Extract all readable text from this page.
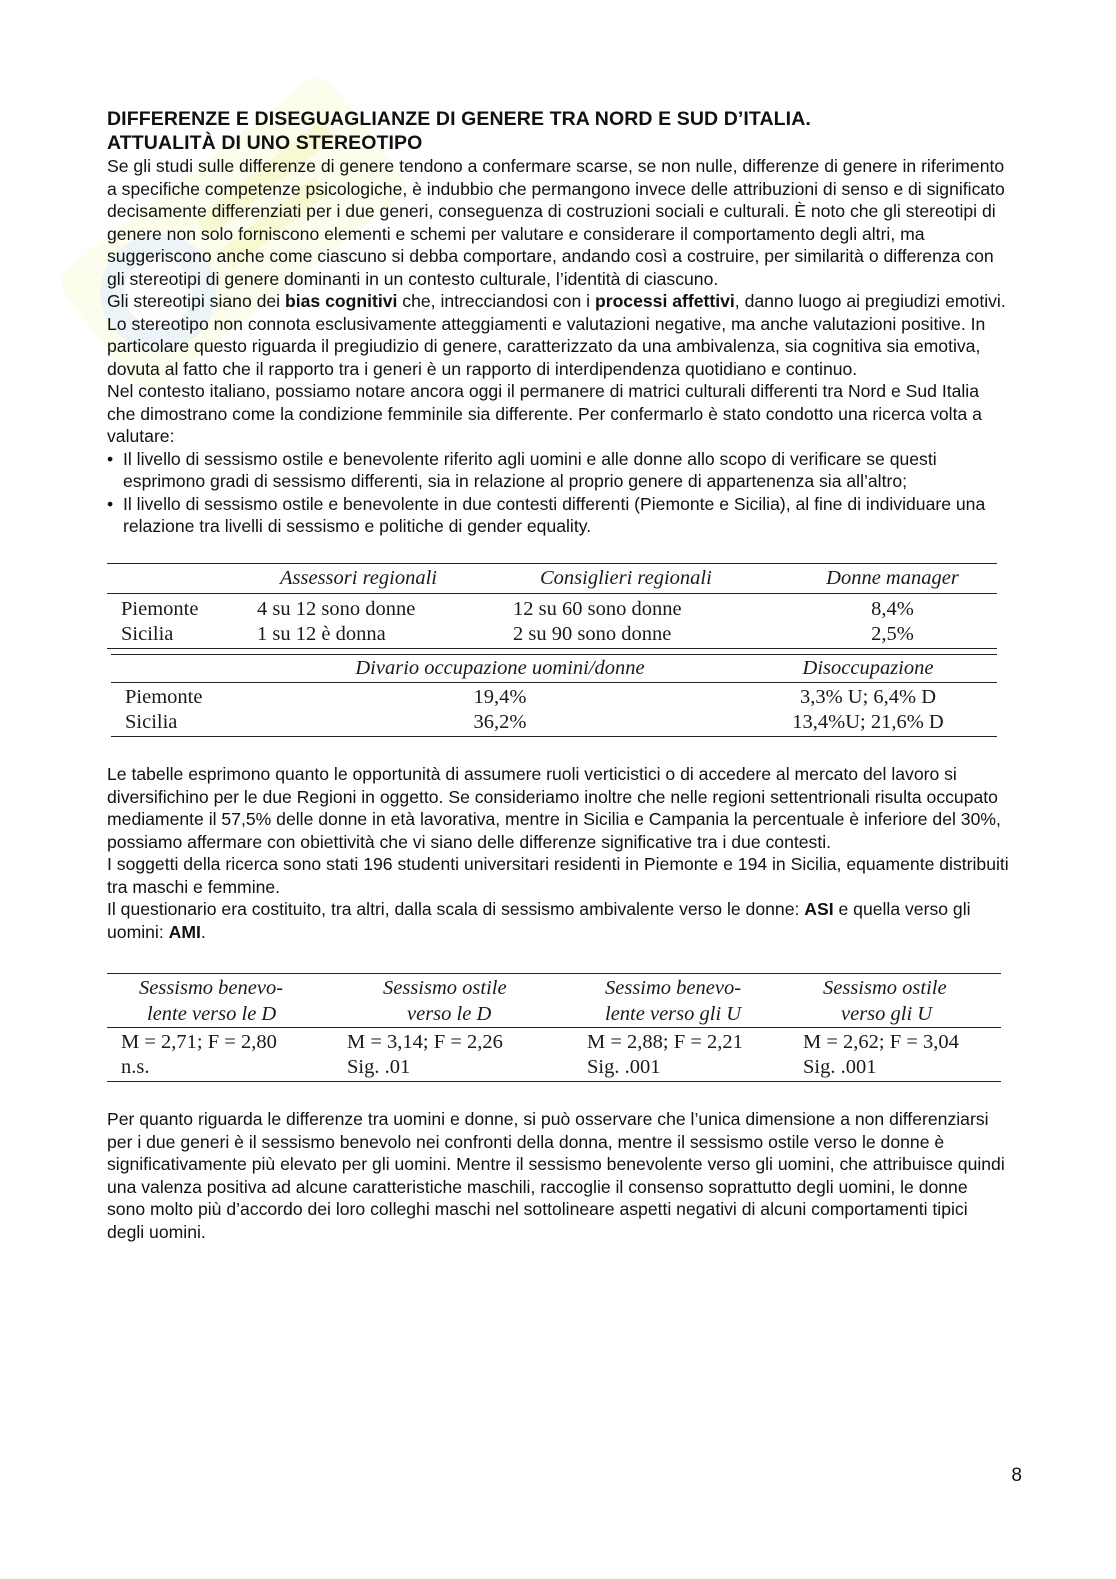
DIFFERENZE E DISEGUAGLIANZE DI GENERE TRA NORD E SUD D’ITALIA.
ATTUALITÀ DI UNO STEREOTIPO

Se gli studi sulle differenze di genere tendono a confermare scarse, se non nulle, differenze di genere in riferimento a specifiche competenze psicologiche, è indubbio che permangono invece delle attribuzioni di senso e di significato decisamente differenziati per i due generi, conseguenza di costruzioni sociali e culturali. È noto che gli stereotipi di genere non solo forniscono elementi e schemi per valutare e considerare il comportamento degli altri, ma suggeriscono anche come ciascuno si debba comportare, andando così a costruire, per similarità o differenza con gli stereotipi di genere dominanti in un contesto culturale, l’identità di ciascuno.

Gli stereotipi siano dei bias cognitivi che, intrecciandosi con i processi affettivi, danno luogo ai pregiudizi emotivi. Lo stereotipo non connota esclusivamente atteggiamenti e valutazioni negative, ma anche valutazioni positive. In particolare questo riguarda il pregiudizio di genere, caratterizzato da una ambivalenza, sia cognitiva sia emotiva, dovuta al fatto che il rapporto tra i generi è un rapporto di interdipendenza quotidiano e continuo.

Nel contesto italiano, possiamo notare ancora oggi il permanere di matrici culturali differenti tra Nord e Sud Italia che dimostrano come la condizione femminile sia differente. Per confermarlo è stato condotto una ricerca volta a valutare:

• Il livello di sessismo ostile e benevolente riferito agli uomini e alle donne allo scopo di verificare se questi esprimono gradi di sessismo differenti, sia in relazione al proprio genere di appartenenza sia all’altro;
• Il livello di sessismo ostile e benevolente in due contesti differenti (Piemonte e Sicilia), al fine di individuare una relazione tra livelli di sessismo e politiche di gender equality.
	Assessori regionali	Consiglieri regionali	Donne manager
Piemonte	4 su 12 sono donne	12 su 60 sono donne	8,4%
Sicilia	1 su 12 è donna	2 su 90 sono donne	2,5%
	Divario occupazione uomini/donne	Disoccupazione
Piemonte	19,4%	3,3% U; 6,4% D
Sicilia	36,2%	13,4%U; 21,6% D

Le tabelle esprimono quanto le opportunità di assumere ruoli verticistici o di accedere al mercato del lavoro si diversifichino per le due Regioni in oggetto. Se consideriamo inoltre che nelle regioni settentrionali risulta occupato mediamente il 57,5% delle donne in età lavorativa, mentre in Sicilia e Campania la percentuale è inferiore del 30%, possiamo affermare con obiettività che vi siano delle differenze significative tra i due contesti.

I soggetti della ricerca sono stati 196 studenti universitari residenti in Piemonte e 194 in Sicilia, equamente distribuiti tra maschi e femmine.

Il questionario era costituito, tra altri, dalla scala di sessismo ambivalente verso le donne: ASI e quella verso gli uomini: AMI.

Sessismo benevo-	Sessismo ostile	Sessimo benevo-	Sessismo ostile
lente verso le D	verso le D	lente verso gli U	verso gli U
M = 2,71; F = 2,80	M = 3,14; F = 2,26	M = 2,88; F = 2,21	M = 2,62; F = 3,04
n.s.	Sig. .01	Sig. .001	Sig. .001

Per quanto riguarda le differenze tra uomini e donne, si può osservare che l’unica dimensione a non differenziarsi per i due generi è il sessismo benevolo nei confronti della donna, mentre il sessismo ostile verso le donne è significativamente più elevato per gli uomini. Mentre il sessismo benevolente verso gli uomini, che attribuisce quindi una valenza positiva ad alcune caratteristiche maschili, raccoglie il consenso soprattutto degli uomini, le donne sono molto più d’accordo dei loro colleghi maschi nel sottolineare aspetti negativi di alcuni comportamenti tipici degli uomini.

8
